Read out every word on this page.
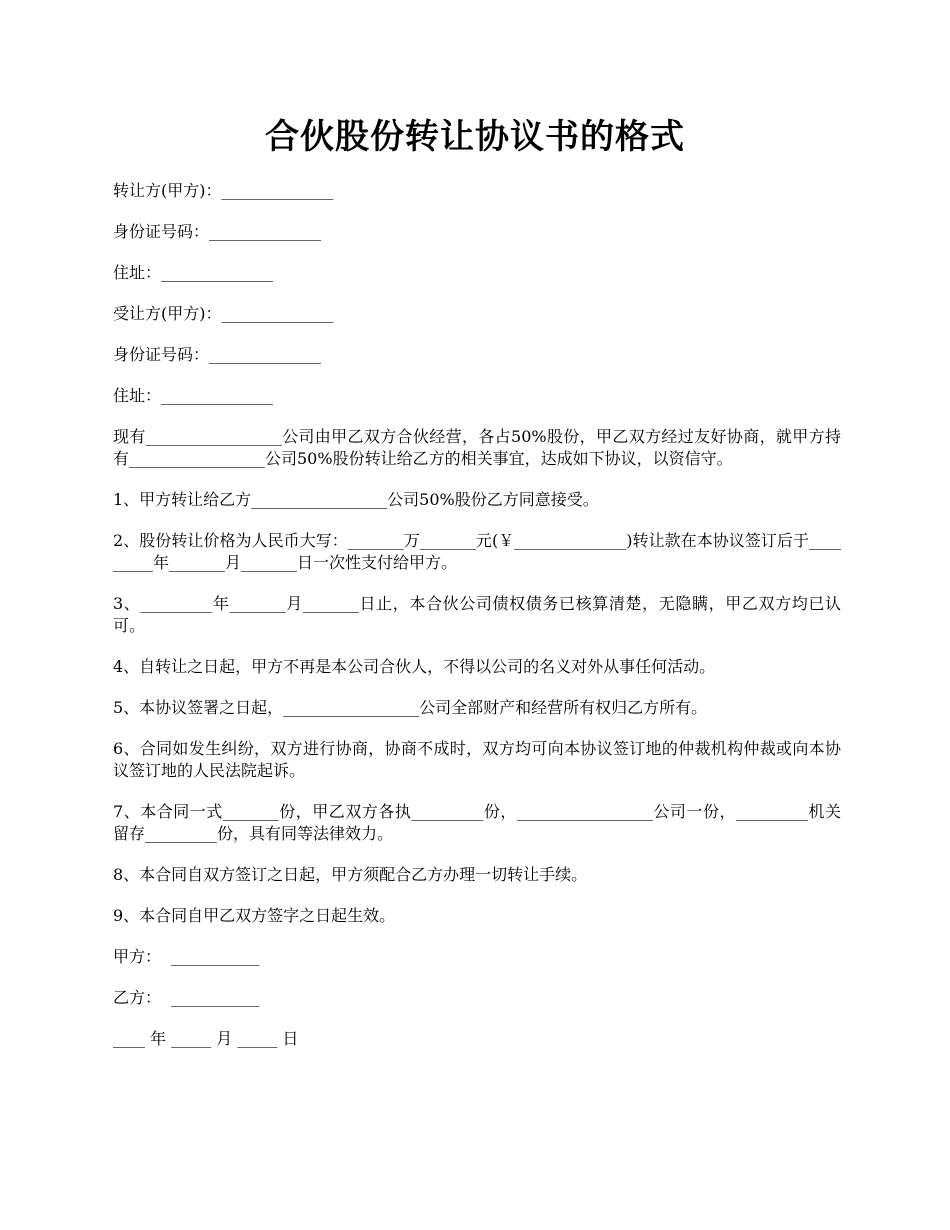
合伙股份转让协议书的格式

转让方(甲方)：______________

身份证号码：______________

住址：______________

受让方(甲方)：______________

身份证号码：______________

住址：______________

现有_________________公司由甲乙双方合伙经营，各占50%股份，甲乙双方经过友好协商，就甲方持有_________________公司50%股份转让给乙方的相关事宜，达成如下协议，以资信守。

1、甲方转让给乙方_________________公司50%股份乙方同意接受。

2、股份转让价格为人民币大写：_______万_______元(￥______________)转让款在本协议签订后于_________年_______月_______日一次性支付给甲方。

3、_________年_______月_______日止，本合伙公司债权债务已核算清楚，无隐瞒，甲乙双方均已认可。

4、自转让之日起，甲方不再是本公司合伙人，不得以公司的名义对外从事任何活动。

5、本协议签署之日起，_________________公司全部财产和经营所有权归乙方所有。

6、合同如发生纠纷，双方进行协商，协商不成时，双方均可向本协议签订地的仲裁机构仲裁或向本协议签订地的人民法院起诉。

7、本合同一式_______份，甲乙双方各执_________份，_________________公司一份，_________机关留存_________份，具有同等法律效力。

8、本合同自双方签订之日起，甲方须配合乙方办理一切转让手续。

9、本合同自甲乙双方签字之日起生效。

甲方：  ___________

乙方：  ___________

____ 年 _____ 月 _____ 日
